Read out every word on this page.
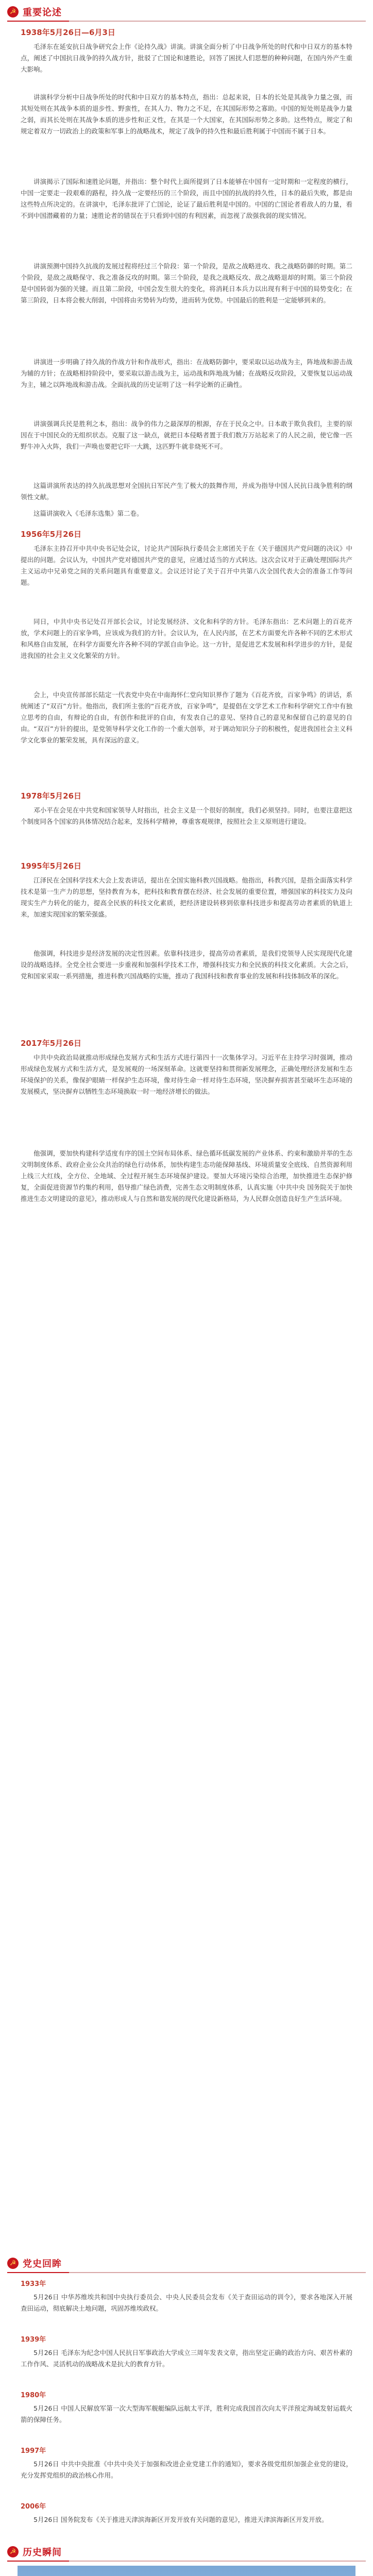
☭ 重要论述
1938年5月26日—6月3日
毛泽东在延安抗日战争研究会上作《论持久战》讲演。讲演全面分析了中日战争所处的时代和中日双方的基本特点，阐述了中国抗日战争的持久战方针，批驳了亡国论和速胜论，回答了困扰人们思想的种种问题，在国内外产生重大影响。
讲演科学分析中日战争所处的时代和中日双方的基本特点，指出：总起来说，日本的长处是其战争力量之强，而其短处则在其战争本质的退步性、野蛮性，在其人力、物力之不足，在其国际形势之寡助。中国的短处则是战争力量之弱，而其长处则在其战争本质的进步性和正义性，在其是一个大国家，在其国际形势之多助。这些特点，规定了和规定着双方一切政治上的政策和军事上的战略战术，规定了战争的持久性和最后胜利属于中国而不属于日本。
讲演揭示了国际和速胜论问题，并指出：整个时代上面所提到了日本能够在中国有一定时期和一定程度的横行，中国一定要走一段艰难的路程，持久战一定要经历的三个阶段，而且中国的抗战的持久性，日本的最后失败，都是由这些特点所决定的。在讲演中，毛泽东批评了亡国论，论证了最后胜利是中国的。中国的亡国论者看敌人的力量，看不到中国潜藏着的力量；速胜论者的错误在于只看到中国的有利因素，而忽视了敌强我弱的现实情况。
讲演预测中国持久抗战的发展过程将经过三个阶段：第一个阶段，是敌之战略进攻、我之战略防御的时期。第二个阶段，是敌之战略保守、我之准备反攻的时期。第三个阶段，是我之战略反攻、敌之战略退却的时期。第三个阶段是中国转弱为强的关键。而且第二阶段，中国会发生很大的变化，将消耗日本兵力以出现有利于中国的局势变化；在第三阶段，日本将会极大削弱，中国将由劣势转为均势，进而转为优势。中国最后的胜利是一定能够到来的。
讲演进一步明确了持久战的作战方针和作战形式，指出：在战略防御中，要采取以运动战为主，阵地战和游击战为辅的方针；在战略相持阶段中，要采取以游击战为主，运动战和阵地战为辅；在战略反攻阶段，又要恢复以运动战为主，辅之以阵地战和游击战。全面抗战的历史证明了这一科学论断的正确性。
讲演强调兵民是胜利之本，指出：战争的伟力之最深厚的根源，存在于民众之中。日本敢于欺负我们，主要的原因在于中国民众的无组织状态。克服了这一缺点，就把日本侵略者置于我们数万万站起来了的人民之前，使它像一匹野牛冲入火阵，我们一声唤也要把它吓一大跳，这匹野牛就非烧死不可。
这篇讲演所表达的持久抗战思想对全国抗日军民产生了极大的鼓舞作用，并成为指导中国人民抗日战争胜利的纲领性文献。
这篇讲演收入《毛泽东选集》第二卷。
1956年5月26日
毛泽东主持召开中共中央书记处会议，讨论共产国际执行委员会主席团关于在《关于德国共产党问题的决议》中提出的问题。会议认为，中国共产党对德国共产党的意见，应通过适当的方式转达。这次会议对于正确处理国际共产主义运动中兄弟党之间的关系问题具有重要意义。会议还讨论了关于召开中共第八次全国代表大会的准备工作等问题。
同日，中共中央书记处召开部长会议，讨论发展经济、文化和科学的方针。毛泽东指出：艺术问题上的百花齐放，学术问题上的百家争鸣，应该成为我们的方针。会议认为，在人民内部，在艺术方面要允许各种不同的艺术形式和风格自由发展，在科学方面要允许各种不同的学派自由争论。这一方针，是促进艺术发展和科学进步的方针，是促进我国的社会主义文化繁荣的方针。
会上，中央宣传部部长陆定一代表党中央在中南海怀仁堂向知识界作了题为《百花齐放，百家争鸣》的讲话，系统阐述了“双百”方针。他指出，我们所主张的“百花齐放，百家争鸣”，是提倡在文学艺术工作和科学研究工作中有独立思考的自由，有辩论的自由，有创作和批评的自由，有发表自己的意见、坚持自己的意见和保留自己的意见的自由。“双百”方针的提出，是党领导科学文化工作的一个重大创举，对于调动知识分子的积极性，促进我国社会主义科学文化事业的繁荣发展，具有深远的意义。
1978年5月26日
邓小平在会见在中共党和国家领导人时指出，社会主义是一个很好的制度，我们必须坚持。同时，也要注意把这个制度同各个国家的具体情况结合起来，发扬科学精神，尊重客观规律，按照社会主义原则进行建设。
1995年5月26日
江泽民在全国科学技术大会上发表讲话，提出在全国实施科教兴国战略。他指出，科教兴国，是指全面落实科学技术是第一生产力的思想，坚持教育为本，把科技和教育摆在经济、社会发展的重要位置，增强国家的科技实力及向现实生产力转化的能力，提高全民族的科技文化素质，把经济建设转移到依靠科技进步和提高劳动者素质的轨道上来，加速实现国家的繁荣强盛。
他强调，科技进步是经济发展的决定性因素。依靠科技进步，提高劳动者素质，是我们党领导人民实现现代化建设的战略选择。全党全社会要进一步重视和加强科学技术工作，增强科技实力和全民族的科技文化素质。大会之后，党和国家采取一系列措施，推进科教兴国战略的实施，推动了我国科技和教育事业的发展和科技体制改革的深化。
2017年5月26日
中共中央政治局就推动形成绿色发展方式和生活方式进行第四十一次集体学习。习近平在主持学习时强调，推动形成绿色发展方式和生活方式，是发展观的一场深刻革命。这就要坚持和贯彻新发展理念，正确处理经济发展和生态环境保护的关系，像保护眼睛一样保护生态环境，像对待生命一样对待生态环境，坚决摒弃损害甚至破坏生态环境的发展模式，坚决摒弃以牺牲生态环境换取一时一地经济增长的做法。
他强调，要加快构建科学适度有序的国土空间布局体系、绿色循环低碳发展的产业体系、约束和激励并举的生态文明制度体系、政府企业公众共治的绿色行动体系，加快构建生态功能保障基线、环境质量安全底线、自然资源利用上线三大红线，全方位、全地域、全过程开展生态环境保护建设。要加大环境污染综合治理，加快推进生态保护修复，全面促进资源节约集约利用，倡导推广绿色消费，完善生态文明制度体系，认真实施《中共中央 国务院关于加快推进生态文明建设的意见》，推动形成人与自然和谐发展的现代化建设新格局，为人民群众创造良好生产生活环境。
☭ 党史回眸
1933年
5月26日 中华苏维埃共和国中央执行委员会、中央人民委员会发布《关于查田运动的训令》，要求各地深入开展查田运动，彻底解决土地问题，巩固苏维埃政权。
1939年
5月26日 毛泽东为纪念中国人民抗日军事政治大学成立三周年发表文章，指出坚定正确的政治方向、艰苦朴素的工作作风、灵活机动的战略战术是抗大的教育方针。
1980年
5月26日 中国人民解放军第一次大型海军舰艇编队远航太平洋，胜利完成我国首次向太平洋预定海域发射运载火箭的保障任务。
1997年
5月26日 中共中央批准《中共中央关于加强和改进企业党建工作的通知》，要求各级党组织加强企业党的建设，充分发挥党组织的政治核心作用。
2006年
5月26日 国务院发布《关于推进天津滨海新区开发开放有关问题的意见》，推进天津滨海新区开发开放。
☭ 历史瞬间
